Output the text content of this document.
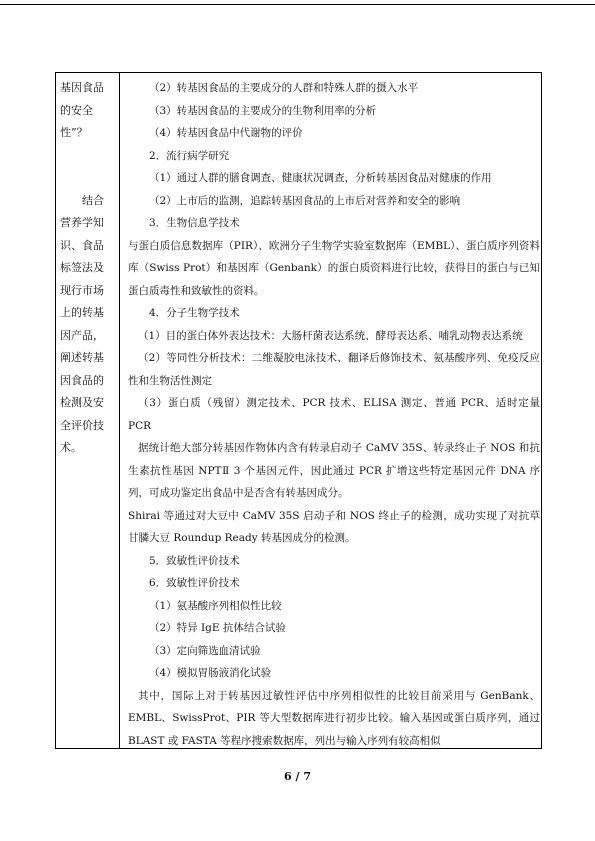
基因食品
的安全
性”？
结合
营养学知
识、食品
标签法及
现行市场
上的转基
因产品，
阐述转基
因食品的
检测及安
全评价技
术。

（2）转基因食品的主要成分的人群和特殊人群的摄入水平

（3）转基因食品的主要成分的生物利用率的分析

（4）转基因食品中代谢物的评价

2．流行病学研究

（1）通过人群的膳食调查、健康状况调查，分析转基因食品对健康的作用

（2）上市后的监测，追踪转基因食品的上市后对营养和安全的影响

3．生物信息学技术

与蛋白质信息数据库（PIR）、欧洲分子生物学实验室数据库（EMBL）、蛋白质序列资料库（Swiss Prot）和基因库（Genbank）的蛋白质资料进行比较，获得目的蛋白与已知蛋白质毒性和致敏性的资料。

4．分子生物学技术

（1）目的蛋白体外表达技术：大肠杆菌表达系统、酵母表达系、哺乳动物表达系统

（2）等同性分析技术：二维凝胶电泳技术、翻译后修饰技术、氨基酸序列、免疫反应性和生物活性测定

（3）蛋白质（残留）测定技术、PCR 技术、ELISA 测定、普通 PCR、适时定量 PCR

据统计绝大部分转基因作物体内含有转录启动子 CaMV 35S、转录终止子 NOS 和抗生素抗性基因 NPTⅡ 3 个基因元件，因此通过 PCR 扩增这些特定基因元件 DNA 序列，可成功鉴定出食品中是否含有转基因成分。

Shirai 等通过对大豆中 CaMV 35S 启动子和 NOS 终止子的检测，成功实现了对抗草甘膦大豆 Roundup Ready 转基因成分的检测。

5．致敏性评价技术

6．致敏性评价技术

（1）氨基酸序列相似性比较

（2）特异 IgE 抗体结合试验

（3）定向筛选血清试验

（4）模拟胃肠液消化试验

其中，国际上对于转基因过敏性评估中序列相似性的比较目前采用与 GenBank、EMBL、SwissProt、PIR 等大型数据库进行初步比较。输入基因或蛋白质序列，通过 BLAST 或 FASTA 等程序搜索数据库，列出与输入序列有较高相似

6 / 7
